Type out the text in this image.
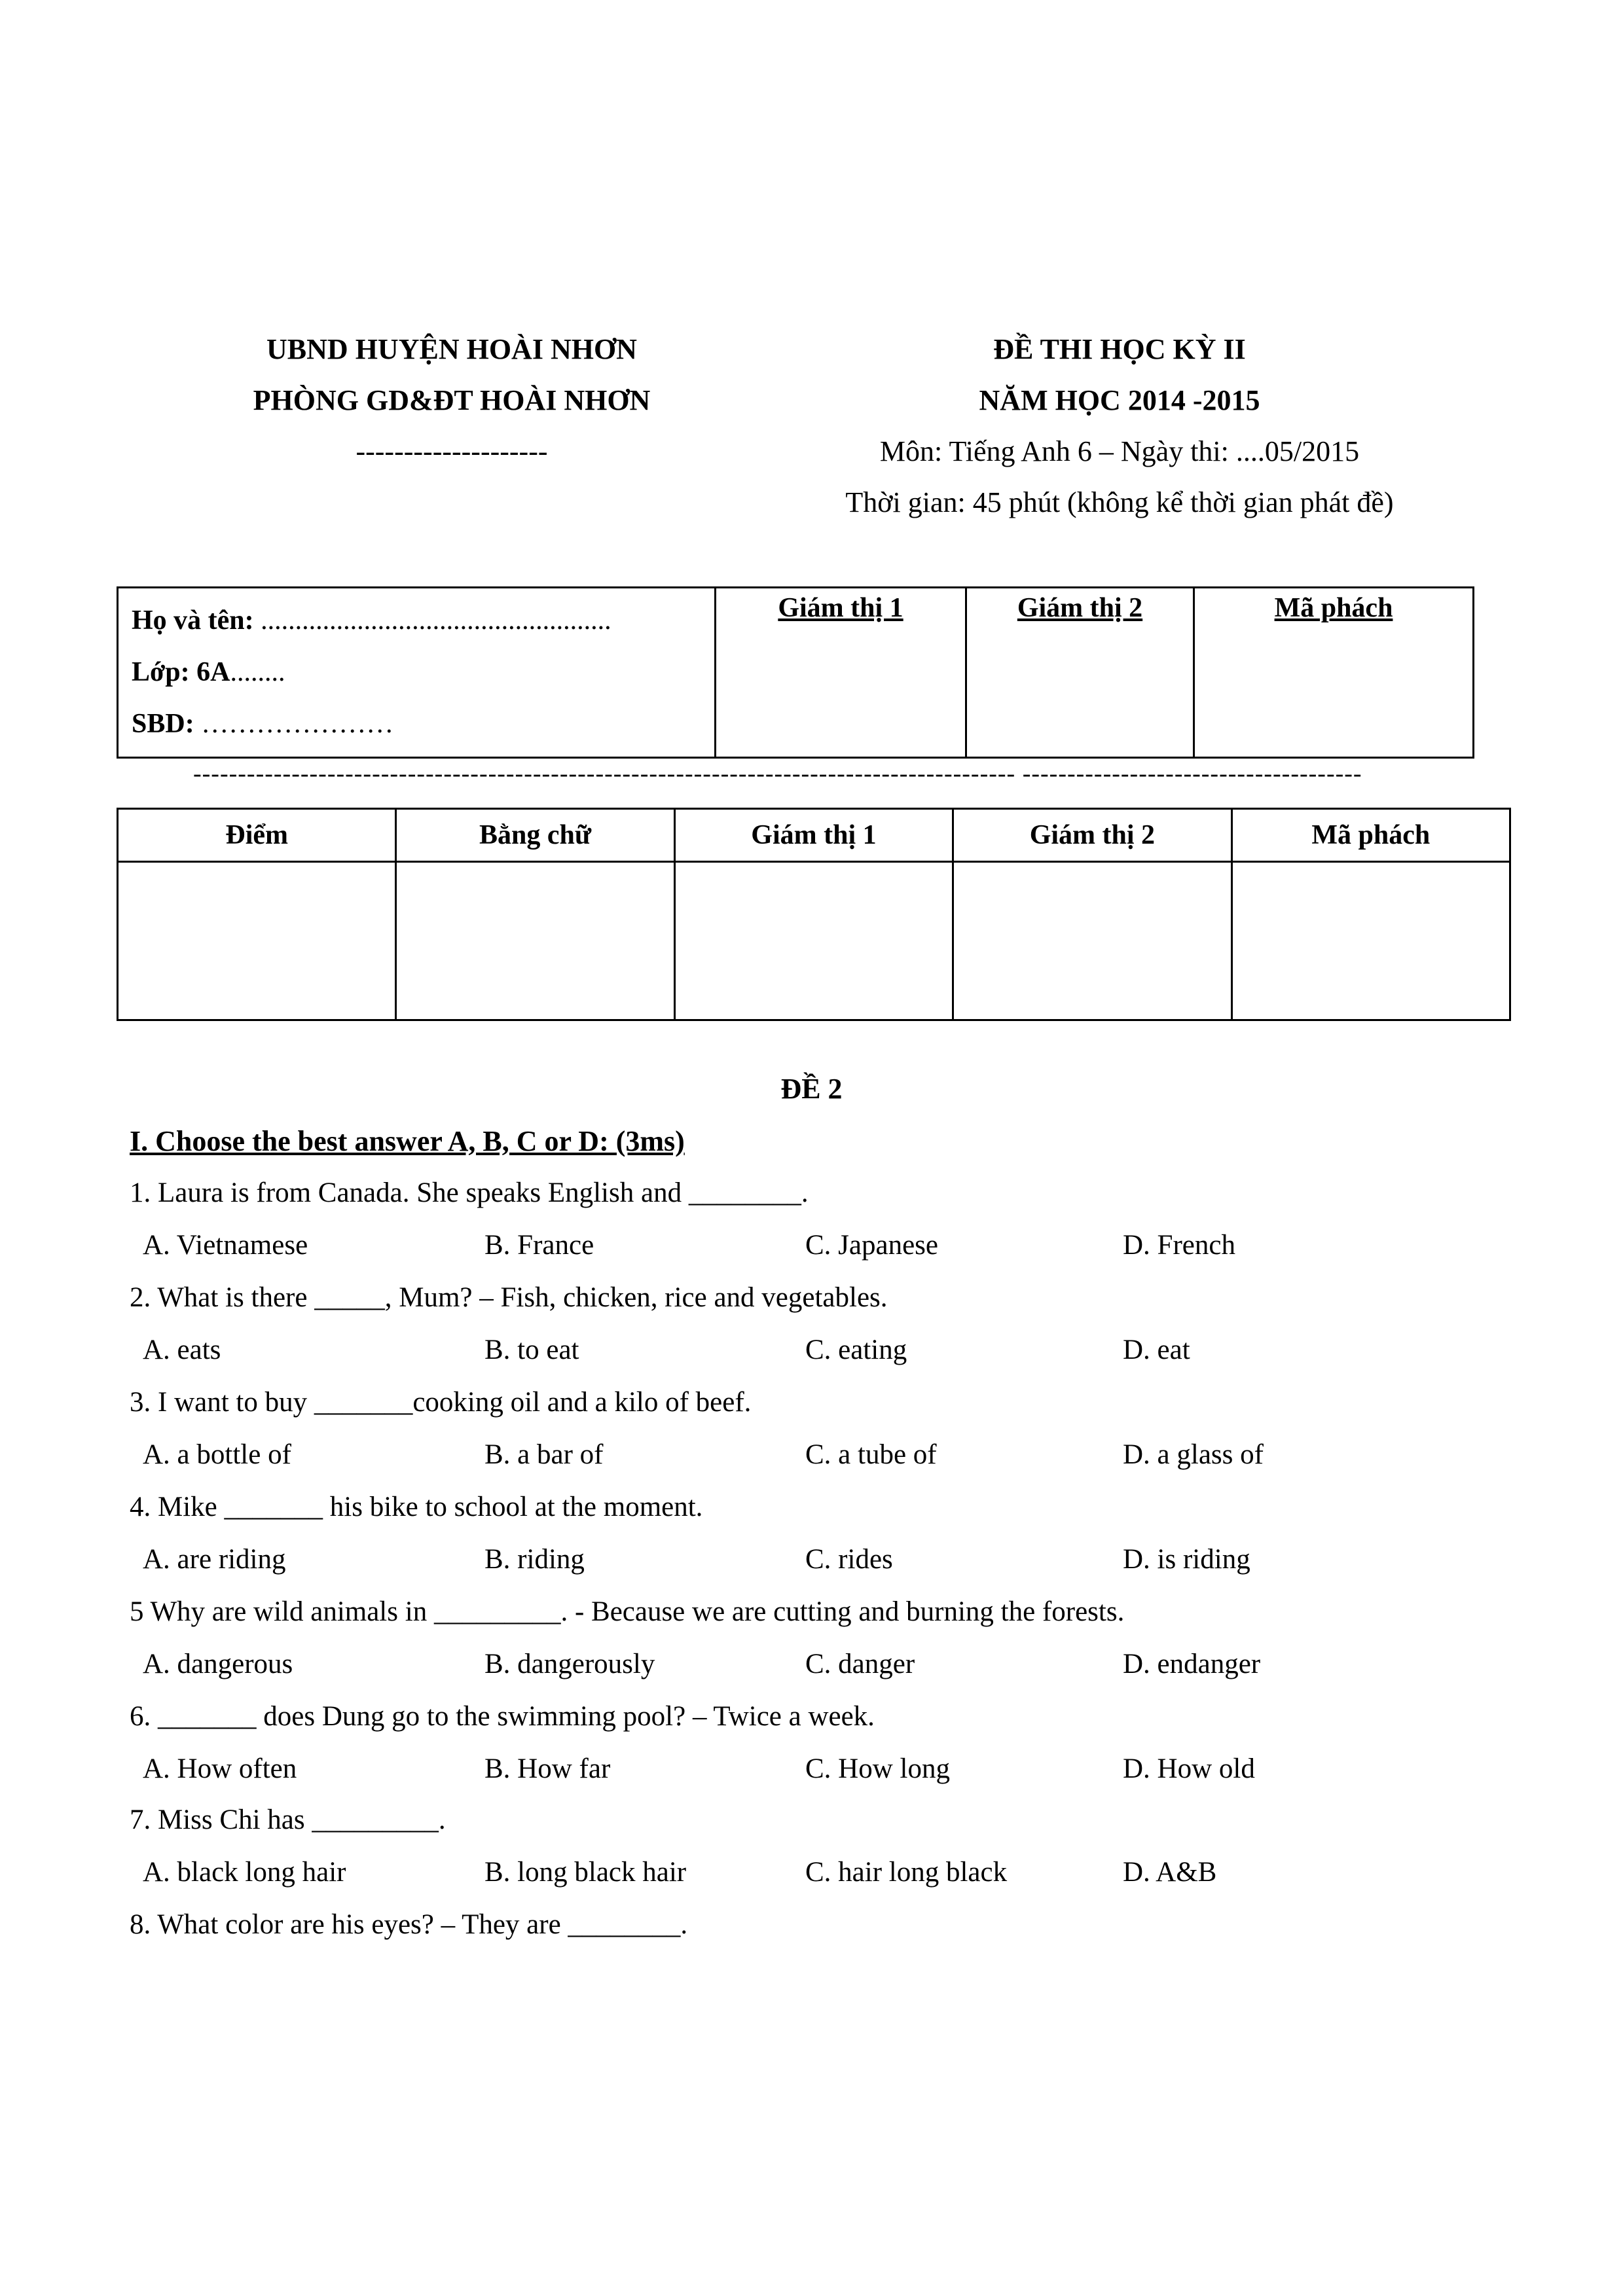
UBND HUYỆN HOÀI NHƠN
PHÒNG GD&ĐT HOÀI NHƠN
--------------------
ĐỀ THI HỌC KỲ II
NĂM HỌC 2014 -2015
Môn: Tiếng Anh 6 – Ngày thi: ....05/2015
Thời gian: 45 phút (không kể thời gian phát đề)
Họ và tên: ...................................................
Lớp: 6A........
SBD: …………………
	Giám thị 1	Giám thị 2	Mã phách
-------------------------------------------------------------------------------------------- --------------------------------------
Điểm	Bằng chữ	Giám thị 1	Giám thị 2	Mã phách

ĐỀ 2
I. Choose the best answer A, B, C or D: (3ms)
1. Laura is from Canada. She speaks English and ________.
A. Vietnamese	B. France	C. Japanese	D. French
2. What is there _____, Mum? – Fish, chicken, rice and vegetables.
A. eats	B. to eat	C. eating	D. eat
3. I want to buy _______cooking oil and a kilo of beef.
A. a bottle of	B. a bar of	C. a tube of	D. a glass of
4. Mike _______ his bike to school at the moment.
A. are riding	B. riding	C. rides	D. is riding
5 Why are wild animals in _________. - Because we are cutting and burning the forests.
A. dangerous	B. dangerously	C. danger	D. endanger
6. _______ does Dung go to the swimming pool? – Twice a week.
A. How often	B. How far	C. How long	D. How old
7. Miss Chi has _________.
A. black long hair	B. long black hair	C. hair long black	D. A&B
8. What color are his eyes? – They are ________.
